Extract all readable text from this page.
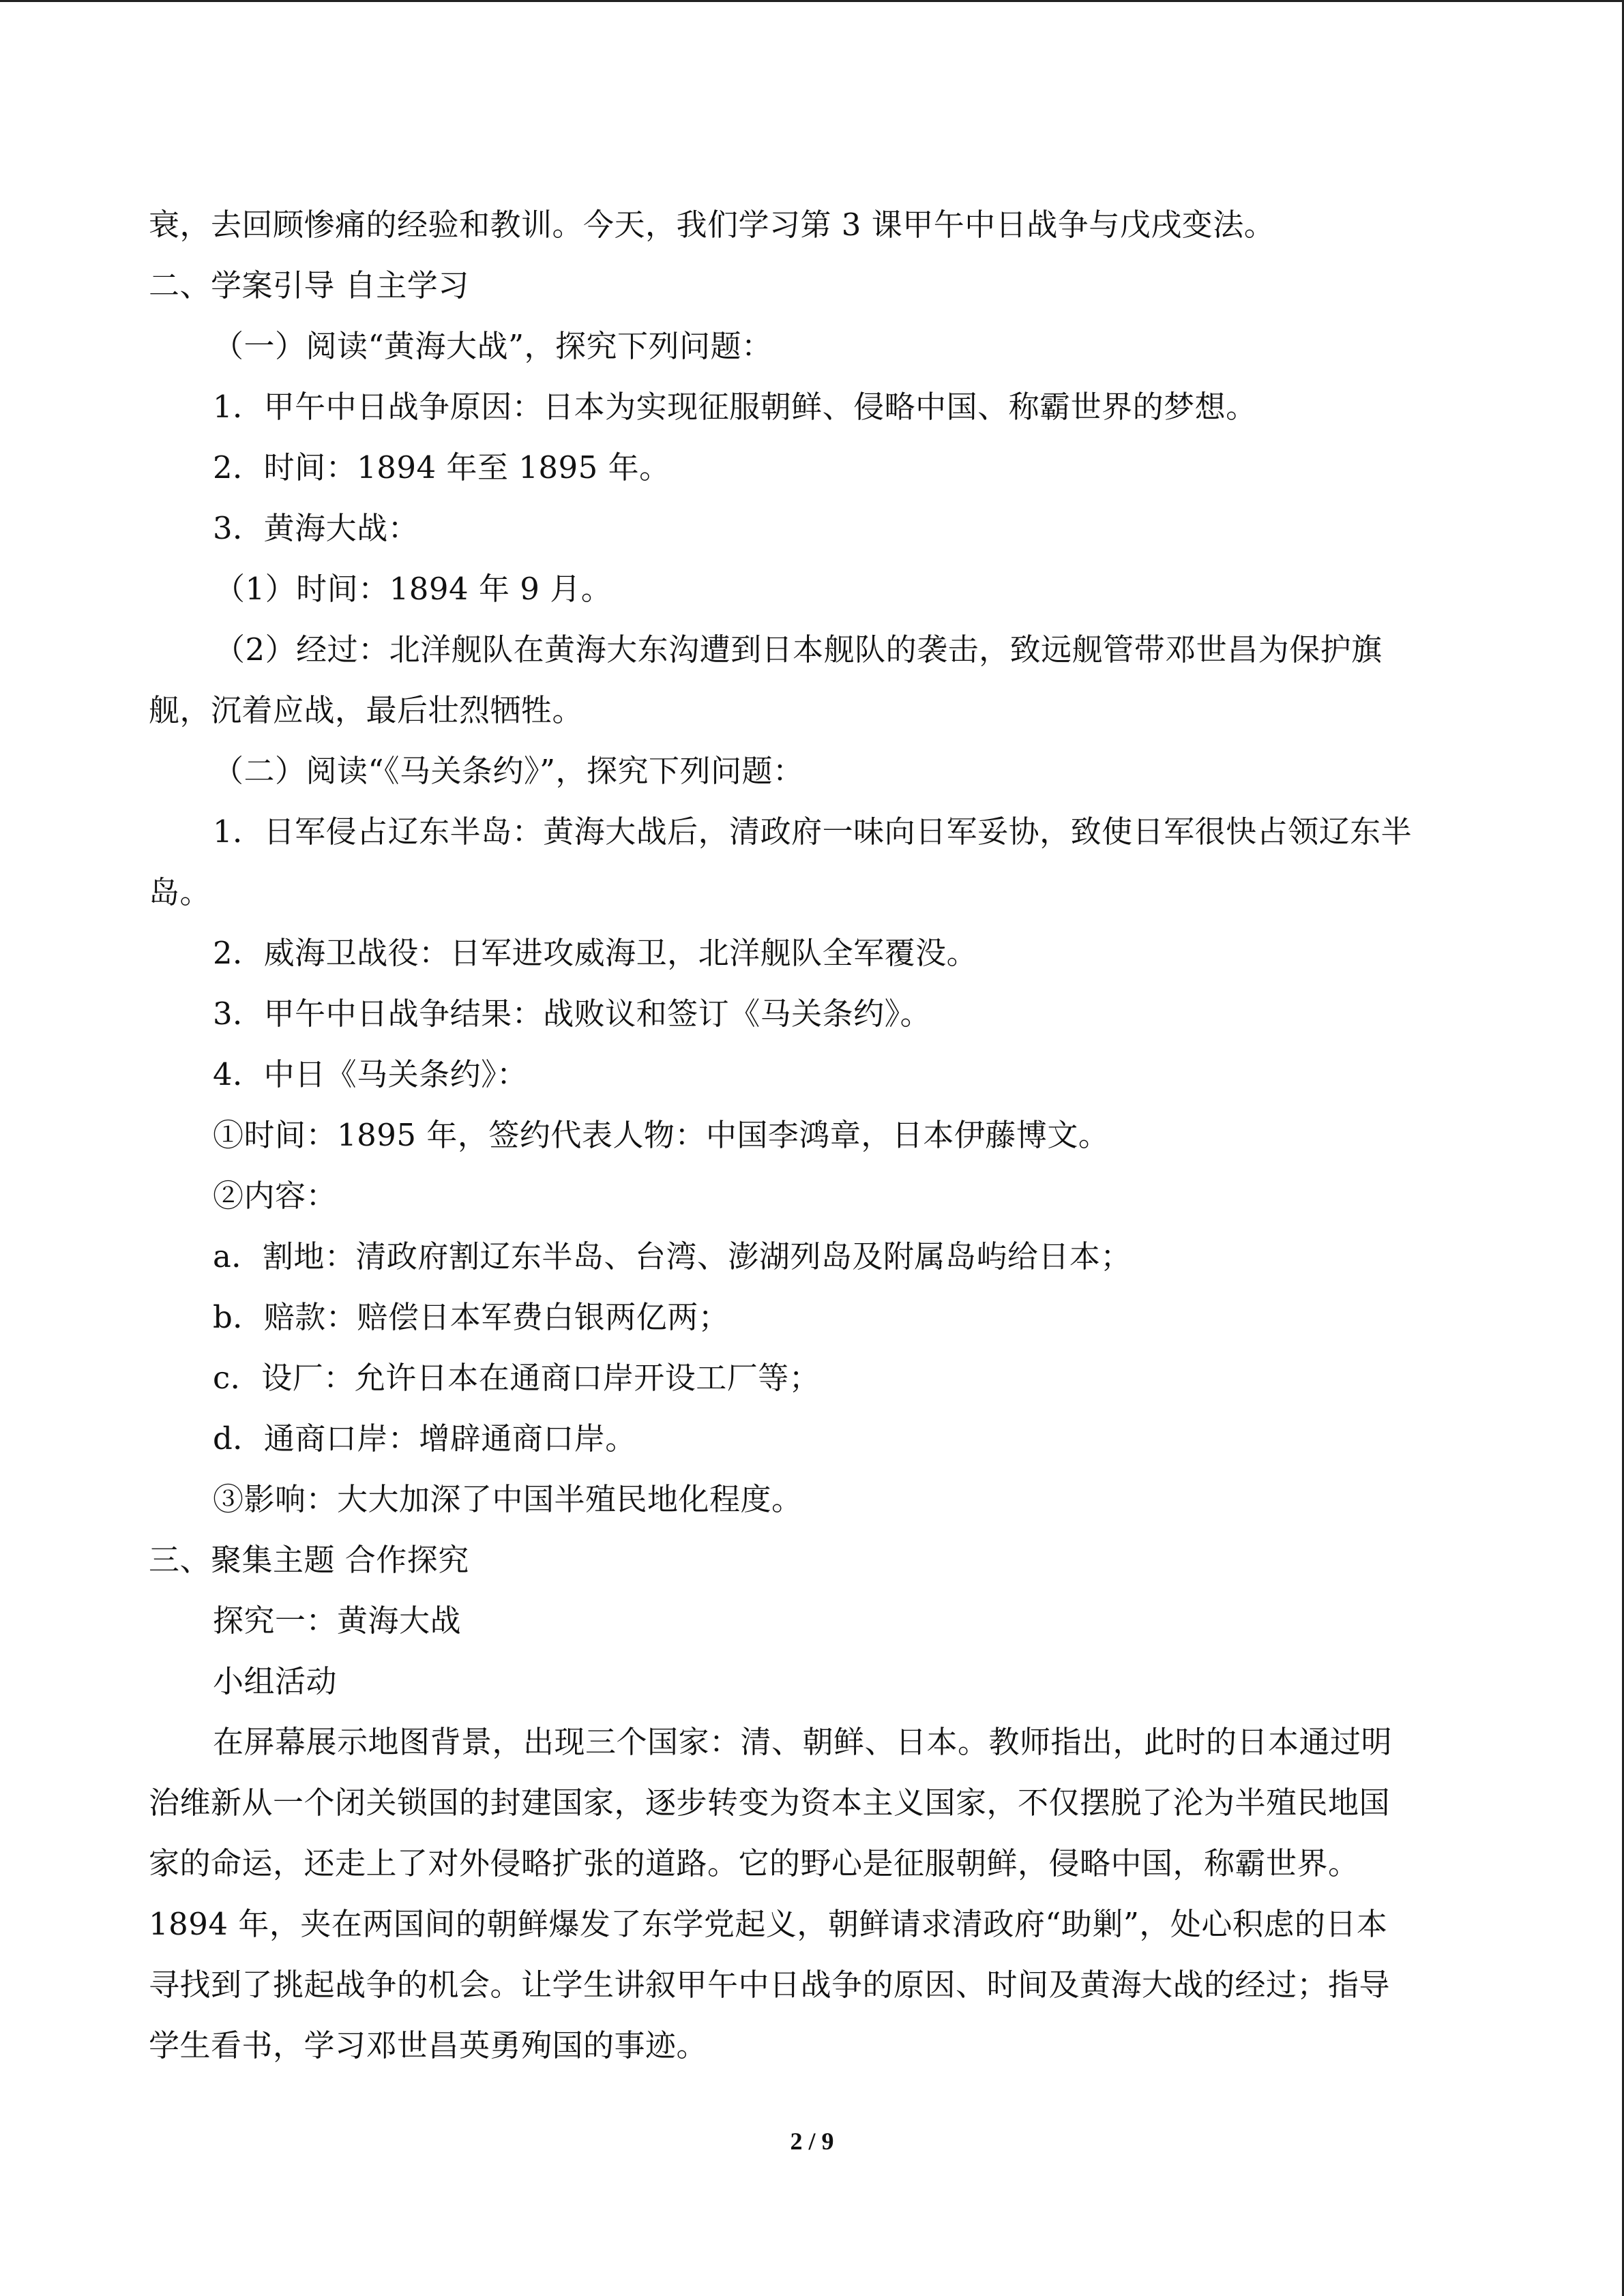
衰，去回顾惨痛的经验和教训。今天，我们学习第 3 课甲午中日战争与戊戌变法。
二、学案引导 自主学习
（一）阅读“黄海大战”，探究下列问题：
1．甲午中日战争原因：日本为实现征服朝鲜、侵略中国、称霸世界的梦想。
2．时间：1894 年至 1895 年。
3．黄海大战：
（1）时间：1894 年 9 月。
（2）经过：北洋舰队在黄海大东沟遭到日本舰队的袭击，致远舰管带邓世昌为保护旗
舰，沉着应战，最后壮烈牺牲。
（二）阅读“《马关条约》”，探究下列问题：
1．日军侵占辽东半岛：黄海大战后，清政府一味向日军妥协，致使日军很快占领辽东半
岛。
2．威海卫战役：日军进攻威海卫，北洋舰队全军覆没。
3．甲午中日战争结果：战败议和签订《马关条约》。
4．中日《马关条约》：
①时间：1895 年，签约代表人物：中国李鸿章，日本伊藤博文。
②内容：
a．割地：清政府割辽东半岛、台湾、澎湖列岛及附属岛屿给日本；
b．赔款：赔偿日本军费白银两亿两；
c．设厂：允许日本在通商口岸开设工厂等；
d．通商口岸：增辟通商口岸。
③影响：大大加深了中国半殖民地化程度。
三、聚集主题 合作探究
探究一：黄海大战
小组活动
在屏幕展示地图背景，出现三个国家：清、朝鲜、日本。教师指出，此时的日本通过明
治维新从一个闭关锁国的封建国家，逐步转变为资本主义国家，不仅摆脱了沦为半殖民地国
家的命运，还走上了对外侵略扩张的道路。它的野心是征服朝鲜，侵略中国，称霸世界。
1894 年，夹在两国间的朝鲜爆发了东学党起义，朝鲜请求清政府“助剿”，处心积虑的日本
寻找到了挑起战争的机会。让学生讲叙甲午中日战争的原因、时间及黄海大战的经过；指导
学生看书，学习邓世昌英勇殉国的事迹。
2 / 9
